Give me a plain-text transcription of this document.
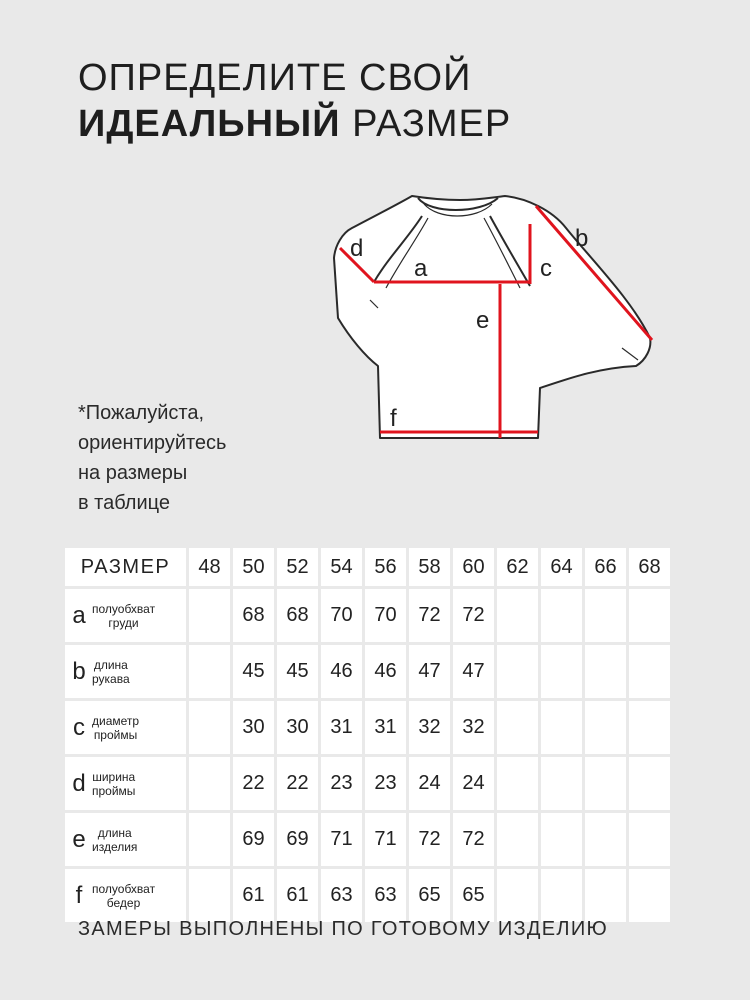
ОПРЕДЕЛИТЕ СВОЙ
ИДЕАЛЬНЫЙ РАЗМЕР
*Пожалуйста,
ориентируйтесь
на размеры
в таблице
d
a	c
b
e
f
РАЗМЕР	48	50	52	54	56	58	60	62	64	66	68

a полуобхват
груди		68	68	70	70	72	72				

b длина
рукава		45	45	46	46	47	47				

c диаметр
проймы		30	30	31	31	32	32				

d ширина
проймы		22	22	23	23	24	24				

e длина
изделия		69	69	71	71	72	72				

f полуобхват
бедер		61	61	63	63	65	65				
ЗАМЕРЫ ВЫПОЛНЕНЫ ПО ГОТОВОМУ ИЗДЕЛИЮ
